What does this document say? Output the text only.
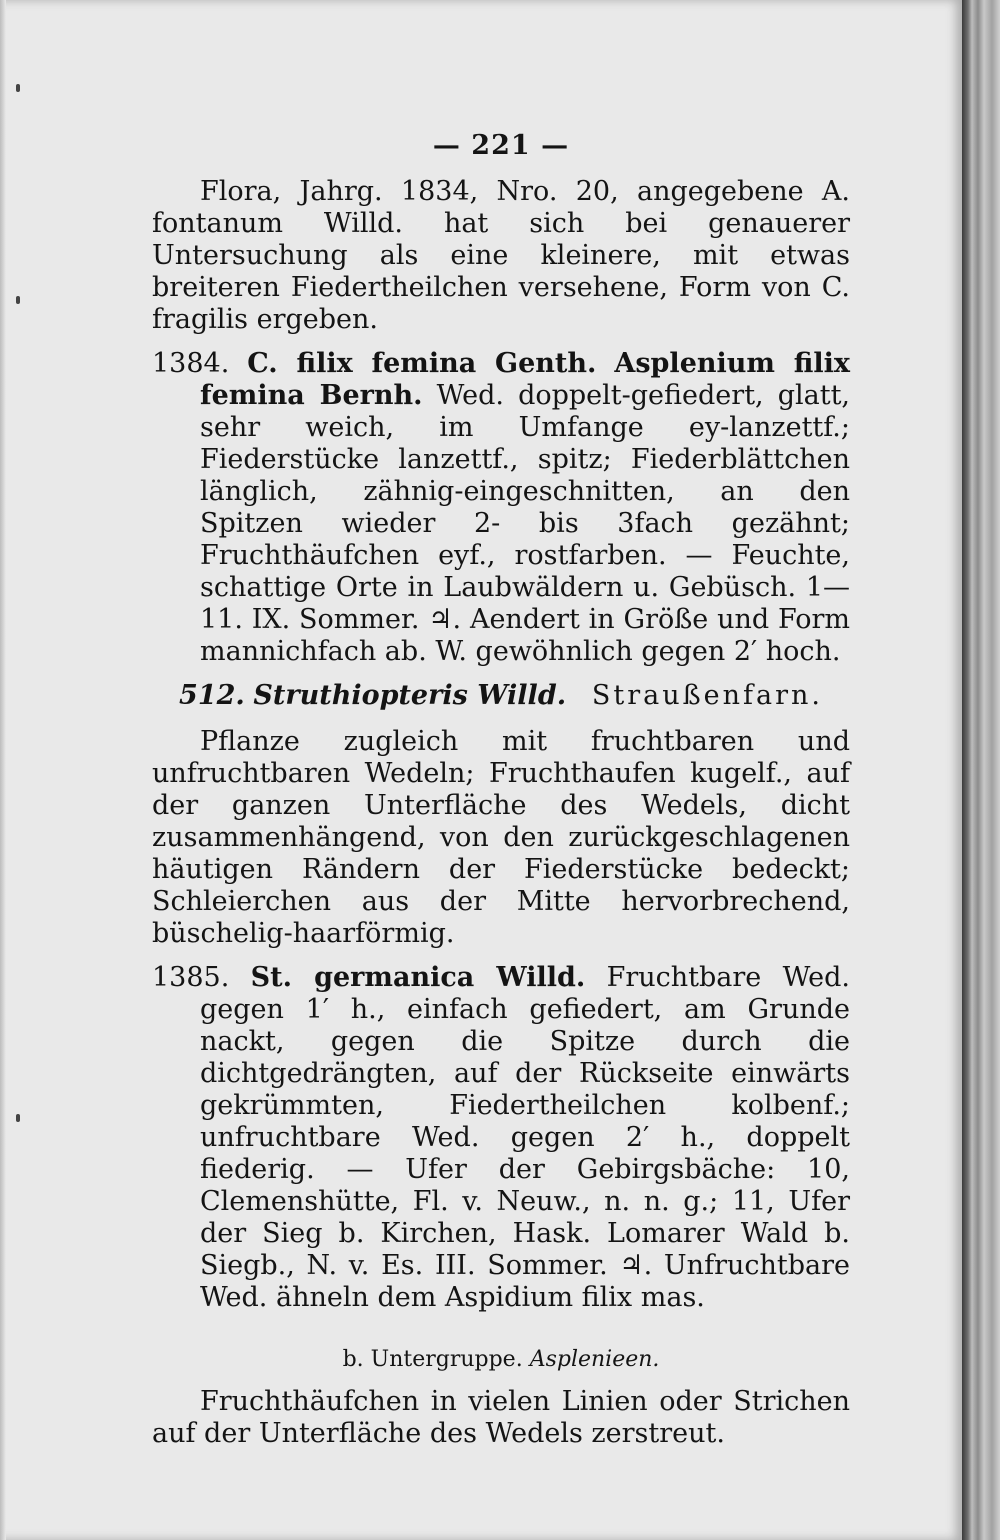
— 221 —

Flora, Jahrg. 1834, Nro. 20, angegebene A. fontanum Willd. hat sich bei genauerer Untersuchung als eine kleinere, mit etwas breiteren Fiedertheilchen versehene, Form von C. fragilis ergeben.

1384. C. filix femina Genth. Asplenium filix femina Bernh. Wed. doppelt-gefiedert, glatt, sehr weich, im Umfange ey-lanzettf.; Fiederstücke lanzettf., spitz; Fiederblättchen länglich, zähnig-eingeschnitten, an den Spitzen wieder 2- bis 3fach gezähnt; Fruchthäufchen eyf., rostfarben. — Feuchte, schattige Orte in Laubwäldern u. Gebüsch. 1—11. IX. Sommer. ♃. Aendert in Größe und Form mannichfach ab. W. gewöhnlich gegen 2′ hoch.

512. Struthiopteris Willd. Straußenfarn.

Pflanze zugleich mit fruchtbaren und unfruchtbaren Wedeln; Fruchthaufen kugelf., auf der ganzen Unterfläche des Wedels, dicht zusammenhängend, von den zurückgeschlagenen häutigen Rändern der Fiederstücke bedeckt; Schleierchen aus der Mitte hervorbrechend, büschelig-haarförmig.

1385. St. germanica Willd. Fruchtbare Wed. gegen 1′ h., einfach gefiedert, am Grunde nackt, gegen die Spitze durch die dichtgedrängten, auf der Rückseite einwärts gekrümmten, Fiedertheilchen kolbenf.; unfruchtbare Wed. gegen 2′ h., doppelt fiederig. — Ufer der Gebirgsbäche: 10, Clemenshütte, Fl. v. Neuw., n. n. g.; 11, Ufer der Sieg b. Kirchen, Hask. Lomarer Wald b. Siegb., N. v. Es. III. Sommer. ♃. Unfruchtbare Wed. ähneln dem Aspidium filix mas.

b. Untergruppe. Asplenieen.

Fruchthäufchen in vielen Linien oder Strichen auf der Unterfläche des Wedels zerstreut.
